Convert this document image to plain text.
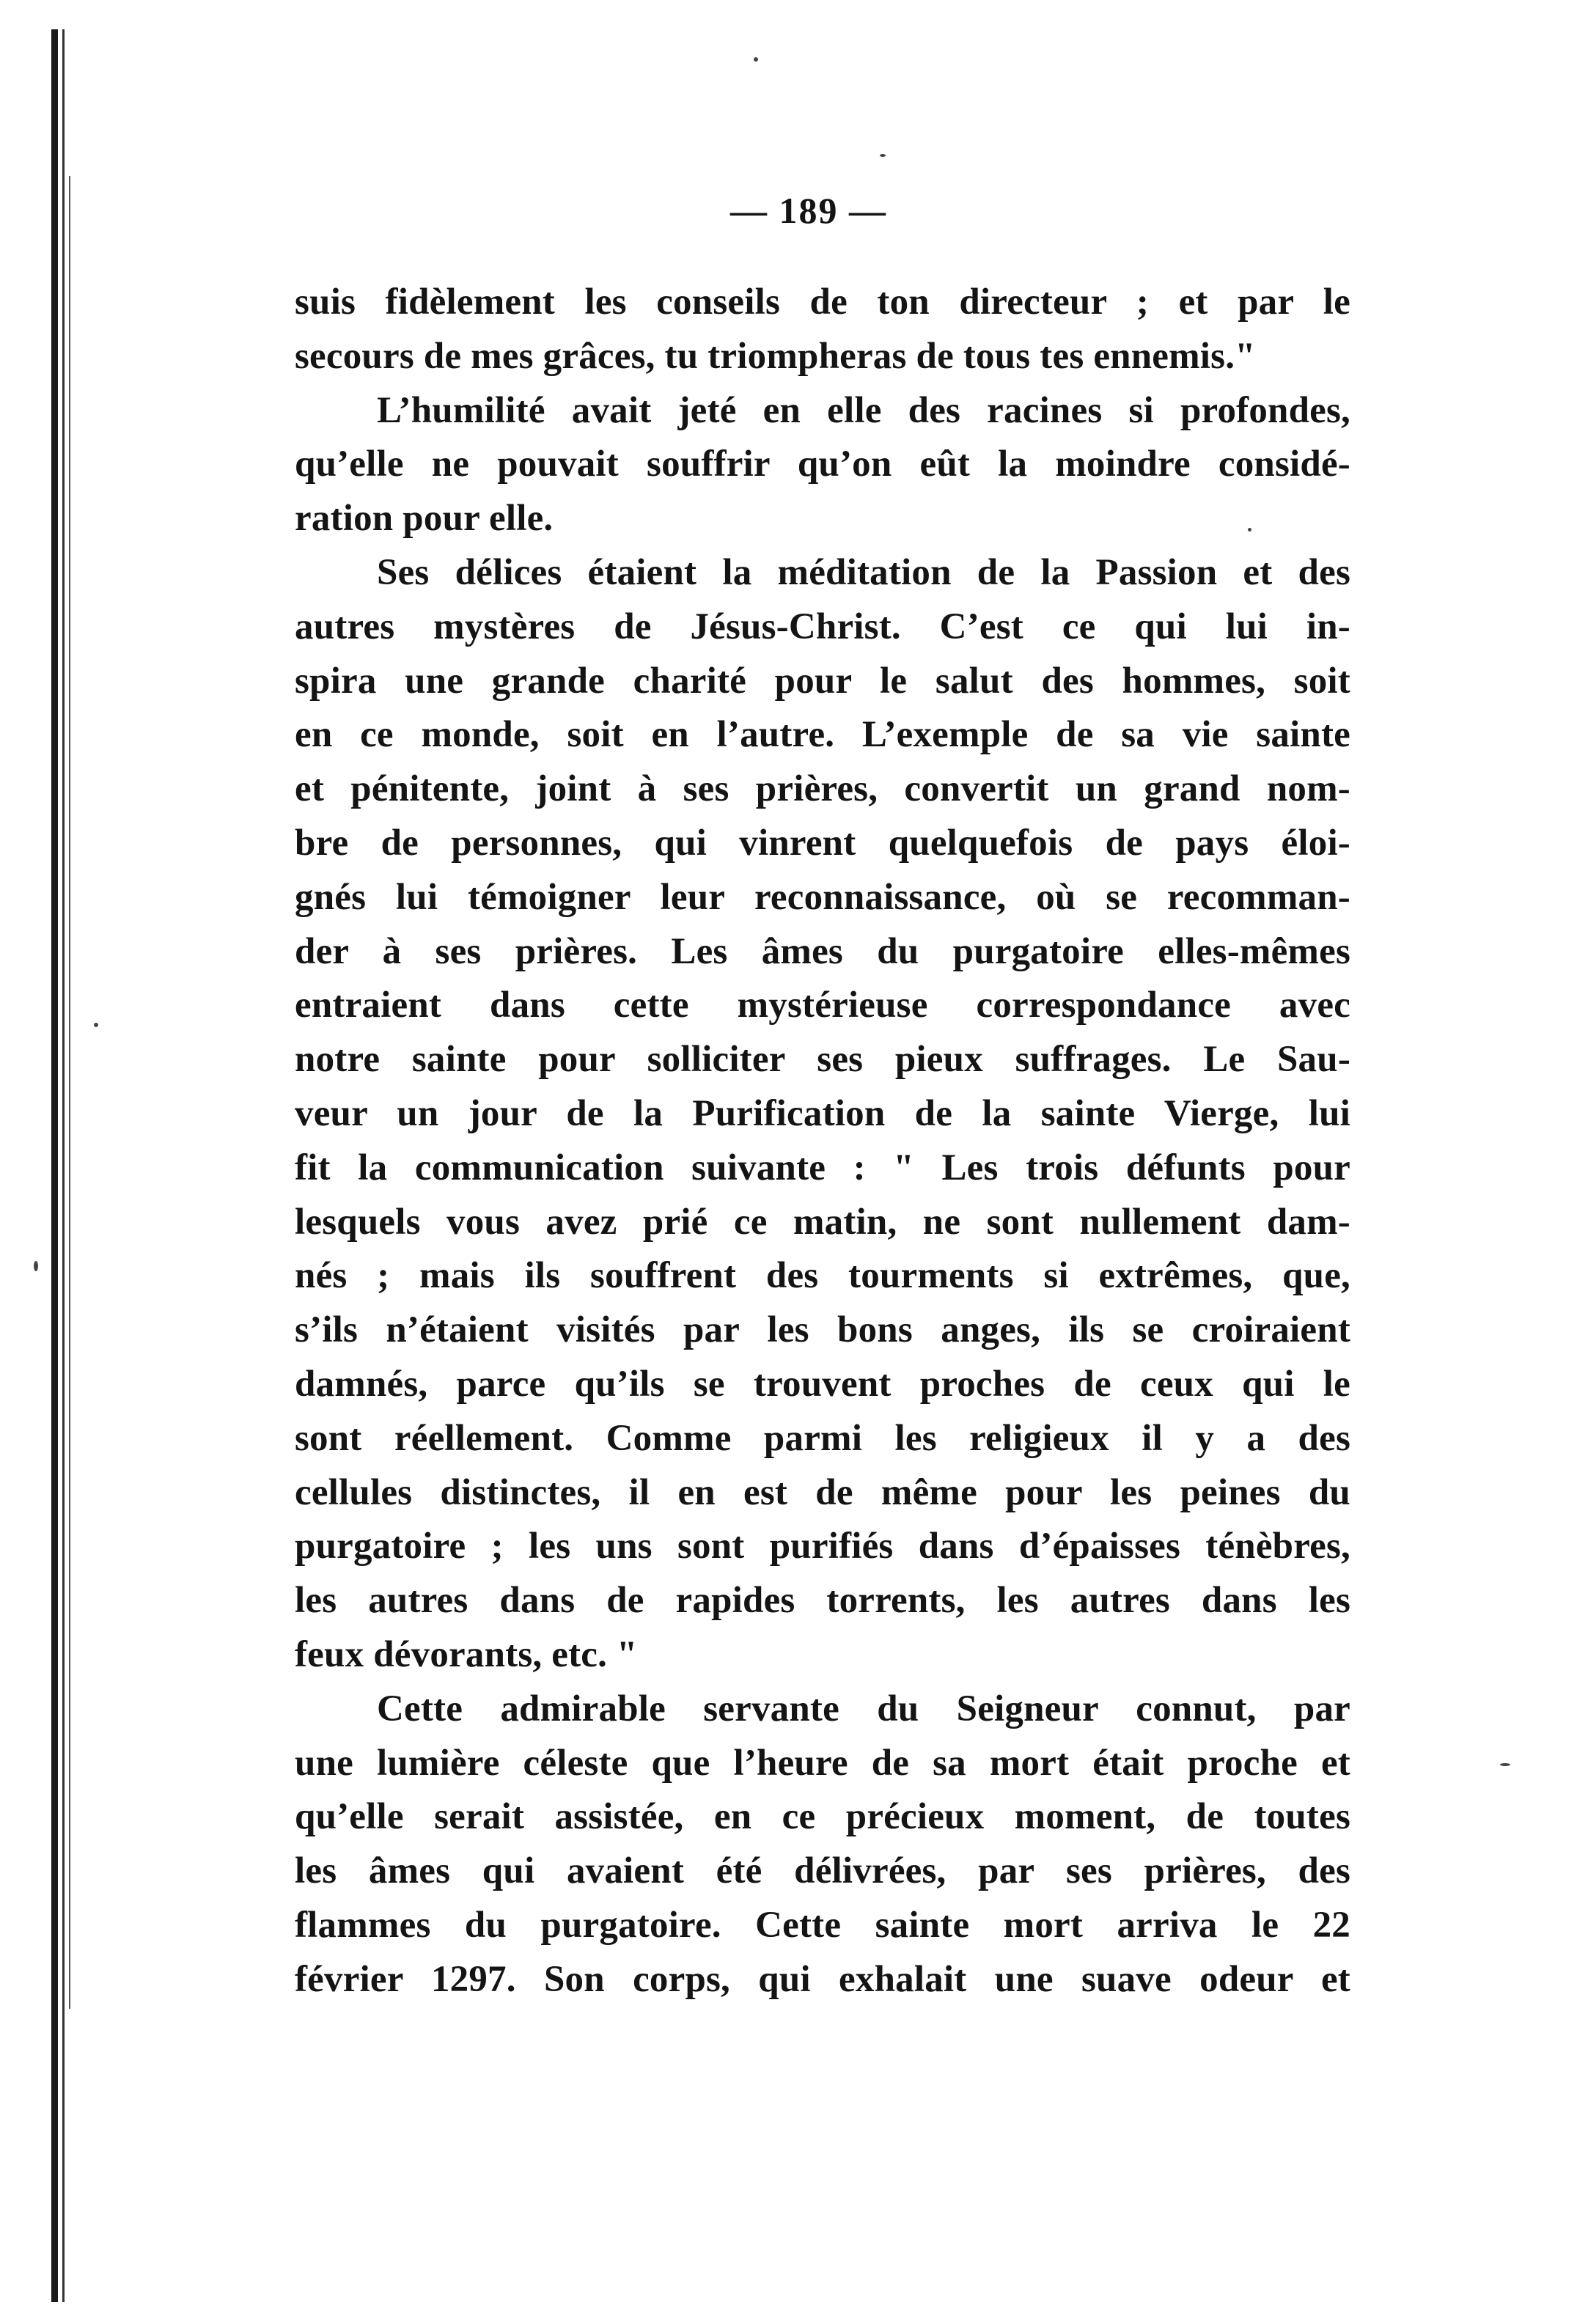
— 189 —
suis fidèlement les conseils de ton directeur ; et par le
secours de mes grâces, tu triompheras de tous tes ennemis."
L’humilité avait jeté en elle des racines si profondes,
qu’elle ne pouvait souffrir qu’on eût la moindre considé-
ration pour elle.
Ses délices étaient la méditation de la Passion et des
autres mystères de Jésus-Christ. C’est ce qui lui in-
spira une grande charité pour le salut des hommes, soit
en ce monde, soit en l’autre. L’exemple de sa vie sainte
et pénitente, joint à ses prières, convertit un grand nom-
bre de personnes, qui vinrent quelquefois de pays éloi-
gnés lui témoigner leur reconnaissance, où se recomman-
der à ses prières. Les âmes du purgatoire elles-mêmes
entraient dans cette mystérieuse correspondance avec
notre sainte pour solliciter ses pieux suffrages. Le Sau-
veur un jour de la Purification de la sainte Vierge, lui
fit la communication suivante : " Les trois défunts pour
lesquels vous avez prié ce matin, ne sont nullement dam-
nés ; mais ils souffrent des tourments si extrêmes, que,
s’ils n’étaient visités par les bons anges, ils se croiraient
damnés, parce qu’ils se trouvent proches de ceux qui le
sont réellement. Comme parmi les religieux il y a des
cellules distinctes, il en est de même pour les peines du
purgatoire ; les uns sont purifiés dans d’épaisses ténèbres,
les autres dans de rapides torrents, les autres dans les
feux dévorants, etc. "
Cette admirable servante du Seigneur connut, par
une lumière céleste que l’heure de sa mort était proche et
qu’elle serait assistée, en ce précieux moment, de toutes
les âmes qui avaient été délivrées, par ses prières, des
flammes du purgatoire. Cette sainte mort arriva le 22
février 1297. Son corps, qui exhalait une suave odeur et
